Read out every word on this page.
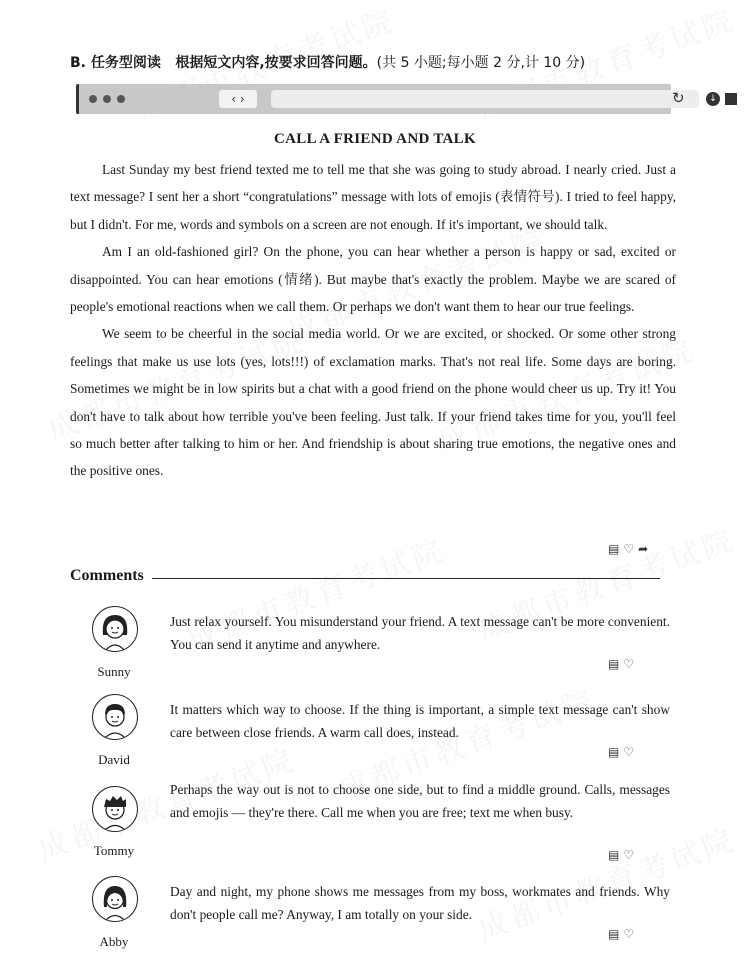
B. 任务型阅读 根据短文内容,按要求回答问题。(共 5 小题;每小题 2 分,计 10 分)
‹ ›	↻	↓
CALL A FRIEND AND TALK

Last Sunday my best friend texted me to tell me that she was going to study abroad. I nearly cried. Just a text message? I sent her a short “congratulations” message with lots of emojis (表情符号). I tried to feel happy, but I didn't. For me, words and symbols on a screen are not enough. If it's important, we should talk.

Am I an old-fashioned girl? On the phone, you can hear whether a person is happy or sad, excited or disappointed. You can hear emotions (情绪). But maybe that's exactly the problem. Maybe we are scared of people's emotional reactions when we call them. Or perhaps we don't want them to hear our true feelings.

We seem to be cheerful in the social media world. Or we are excited, or shocked. Or some other strong feelings that make us use lots (yes, lots!!!) of exclamation marks. That's not real life. Some days are boring. Sometimes we might be in low spirits but a chat with a good friend on the phone would cheer us up. Try it! You don't have to talk about how terrible you've been feeling. Just talk. If your friend takes time for you, you'll feel so much better after talking to him or her. And friendship is about sharing true emotions, the negative ones and the positive ones.

▤♡➦
Comments
Sunny
Just relax yourself. You misunderstand your friend. A text message can't be more convenient. You can send it anytime and anywhere.
▤♡
David
It matters which way to choose. If the thing is important, a simple text message can't show care between close friends. A warm call does, instead.
▤♡
Tommy
Perhaps the way out is not to choose one side, but to find a middle ground. Calls, messages and emojis — they're there. Call me when you are free; text me when busy.
▤♡
Abby
Day and night, my phone shows me messages from my boss, workmates and friends. Why don't people call me? Anyway, I am totally on your side.
▤♡
